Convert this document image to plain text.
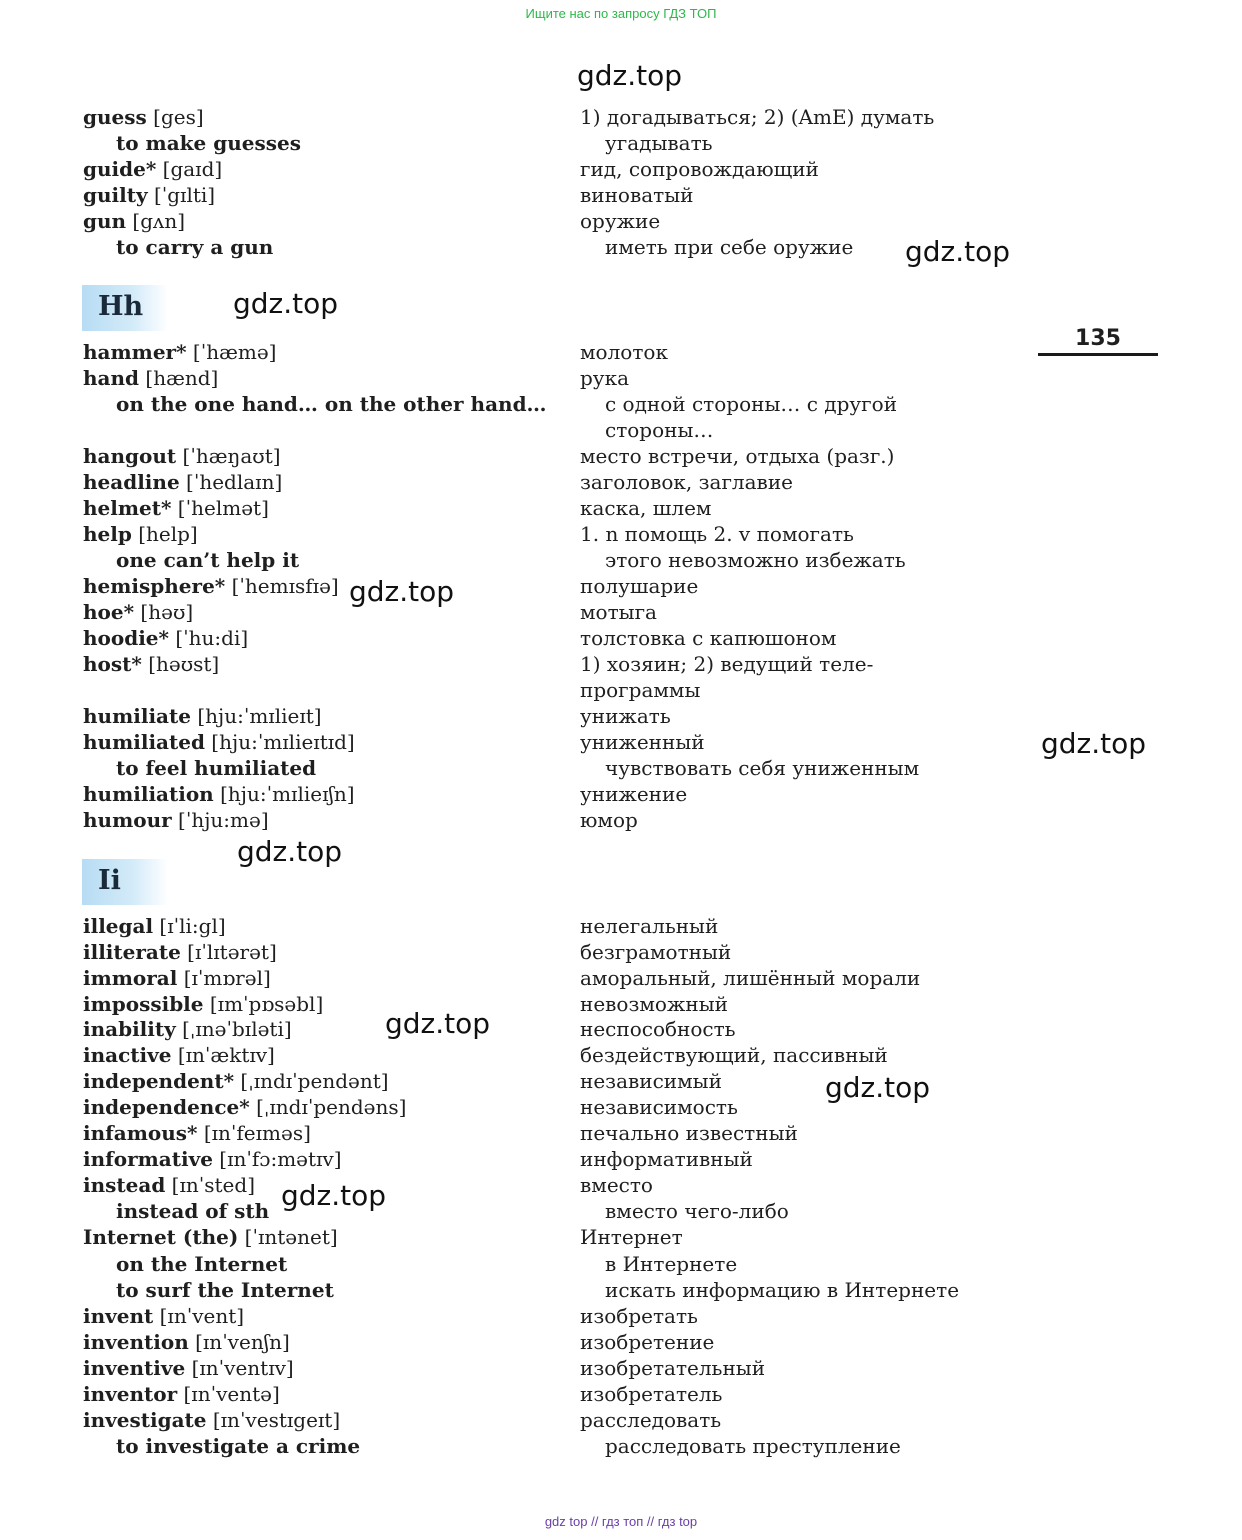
Ищите нас по запросу ГДЗ ТОП
gdz.top
gdz.top
gdz.top
gdz.top
gdz.top
gdz.top
gdz.top
gdz.top
gdz.top
135
Hh
Ii
guess [ges]	1) догадываться; 2) (AmE) думать
to make guesses	угадывать
guide* [gaɪd]	гид, сопровождающий
guilty [ˈgɪlti]	виноватый
gun [gʌn]	оружие
to carry a gun	иметь при себе оружие
hammer* [ˈhæmə]	молоток
hand [hænd]	рука
on the one hand… on the other hand…	с одной стороны… с другой
стороны…
hangout [ˈhæŋaʊt]	место встречи, отдыха (разг.)
headline [ˈhedlaɪn]	заголовок, заглавие
helmet* [ˈhelmət]	каска, шлем
help [help]	1. n помощь 2. v помогать
one can’t help it	этого невозможно избежать
hemisphere* [ˈhemɪsfɪə]	полушарие
hoe* [həʊ]	мотыга
hoodie* [ˈhu:di]	толстовка с капюшоном
host* [həʊst]	1) хозяин; 2) ведущий теле-
программы
humiliate [hju:ˈmɪlieɪt]	унижать
humiliated [hju:ˈmɪlieɪtɪd]	униженный
to feel humiliated	чувствовать себя униженным
humiliation [hju:ˈmɪlieɪʃn]	унижение
humour [ˈhju:mə]	юмор
illegal [ɪˈli:gl]	нелегальный
illiterate [ɪˈlɪtərət]	безграмотный
immoral [ɪˈmɒrəl]	аморальный, лишённый морали
impossible [ɪmˈpɒsəbl]	невозможный
inability [ˌɪnəˈbɪləti]	неспособность
inactive [ɪnˈæktɪv]	бездействующий, пассивный
independent* [ˌɪndɪˈpendənt]	независимый
independence* [ˌɪndɪˈpendəns]	независимость
infamous* [ɪnˈfeɪməs]	печально известный
informative [ɪnˈfɔ:mətɪv]	информативный
instead [ɪnˈsted]	вместо
instead of sth	вместо чего-либо
Internet (the) [ˈɪntənet]	Интернет
on the Internet	в Интернете
to surf the Internet	искать информацию в Интернете
invent [ɪnˈvent]	изобретать
invention [ɪnˈvenʃn]	изобретение
inventive [ɪnˈventɪv]	изобретательный
inventor [ɪnˈventə]	изобретатель
investigate [ɪnˈvestɪgeɪt]	расследовать
to investigate a crime	расследовать преступление
gdz top // гдз топ // гдз top
